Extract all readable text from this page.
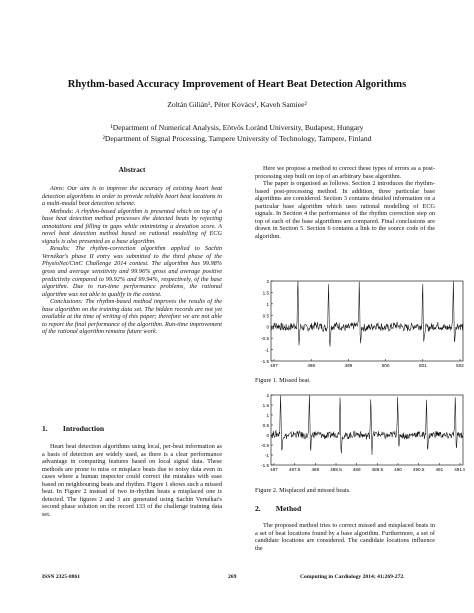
Rhythm-based Accuracy Improvement of Heart Beat Detection Algorithms
Zoltán Gilián¹, Péter Kovács¹, Kaveh Samiee²
¹Department of Numerical Analysis, Eötvös Loránd University, Budapest, Hungary
²Department of Signal Processing, Tampere University of Technology, Tampere, Finland
Abstract

Aims: Our aim is to improve the accuracy of existing heart beat detection algorithms in order to provide reliable heart beat locations in a multi-modal beat detection scheme.

Methods: A rhythm-based algorithm is presented which on top of a base beat detection method processes the detected beats by rejecting annotations and filling in gaps while minimizing a deviation score. A novel beat detection method based on rational modelling of ECG signals is also presented as a base algorithm.

Results: The rhythm-correction algorithm applied to Sachin Vernékar's phase II entry was submitted to the third phase of the PhysioNet/CinC Challenge 2014 contest. The algorithm has 99.98% gross and average sensitivity and 99.96% gross and average positive predictivity compared to 99.92% and 99.94%, respectively, of the base algorithm. Due to run-time performance problems, the rational algorithm was not able to qualify in the contest.

Conclusions: The rhythm-based method improves the results of the base algorithm on the training data set. The hidden records are not yet available at the time of writing of this paper; therefore we are not able to report the final performance of the algorithm. Run-time improvement of the rational algorithm remains future work.

1.  Introduction

Heart beat detection algorithms using local, per-beat information as a basis of detection are widely used, as there is a clear performance advantage in computing features based on local signal data. These methods are prone to miss or misplace beats due to noisy data even in cases where a human inspector could correct the mistakes with ease based on neighbouring beats and rhythm. Figure 1 shows such a missed beat. In Figure 2 instead of two in-rhythm beats a misplaced one is detected. The figures 2 and 3 are generated using Sachin Vernékar's second phase solution on the record 133 of the challenge training data set.

Here we propose a method to correct these types of errors as a post-processing step built on top of an arbitrary base algorithm.

The paper is organised as follows. Section 2 introduces the rhythm-based post-processing method. In addition, three particular base algorithms are considered. Section 3 contains detailed information on a particular base algorithm which uses rational modelling of ECG signals. In Section 4 the performance of the rhythm correction step on top of each of the base algorithms are compared. Final conclusions are drawn in Section 5. Section 6 contains a link to the source code of the algorithm.

2
1.5
1
0.5
0
-0.5
-1
-1.5
497	498	499	500	501	502
Figure 1. Missed beat.
2
1.5
1
0.5
0
-0.5
-1
-1.5
487 487.5 488 488.5 489 489.5 490 490.5 491 491.5
Figure 2. Misplaced and missed beats.
2.  Method

The proposed method tries to correct missed and misplaced beats in a set of beat locations found by a base algorithm. Furthermore, a set of candidate locations are considered. The candidate locations influence the

ISSN 2325-8861	269	Computing in Cardiology 2014; 41:269-272.
